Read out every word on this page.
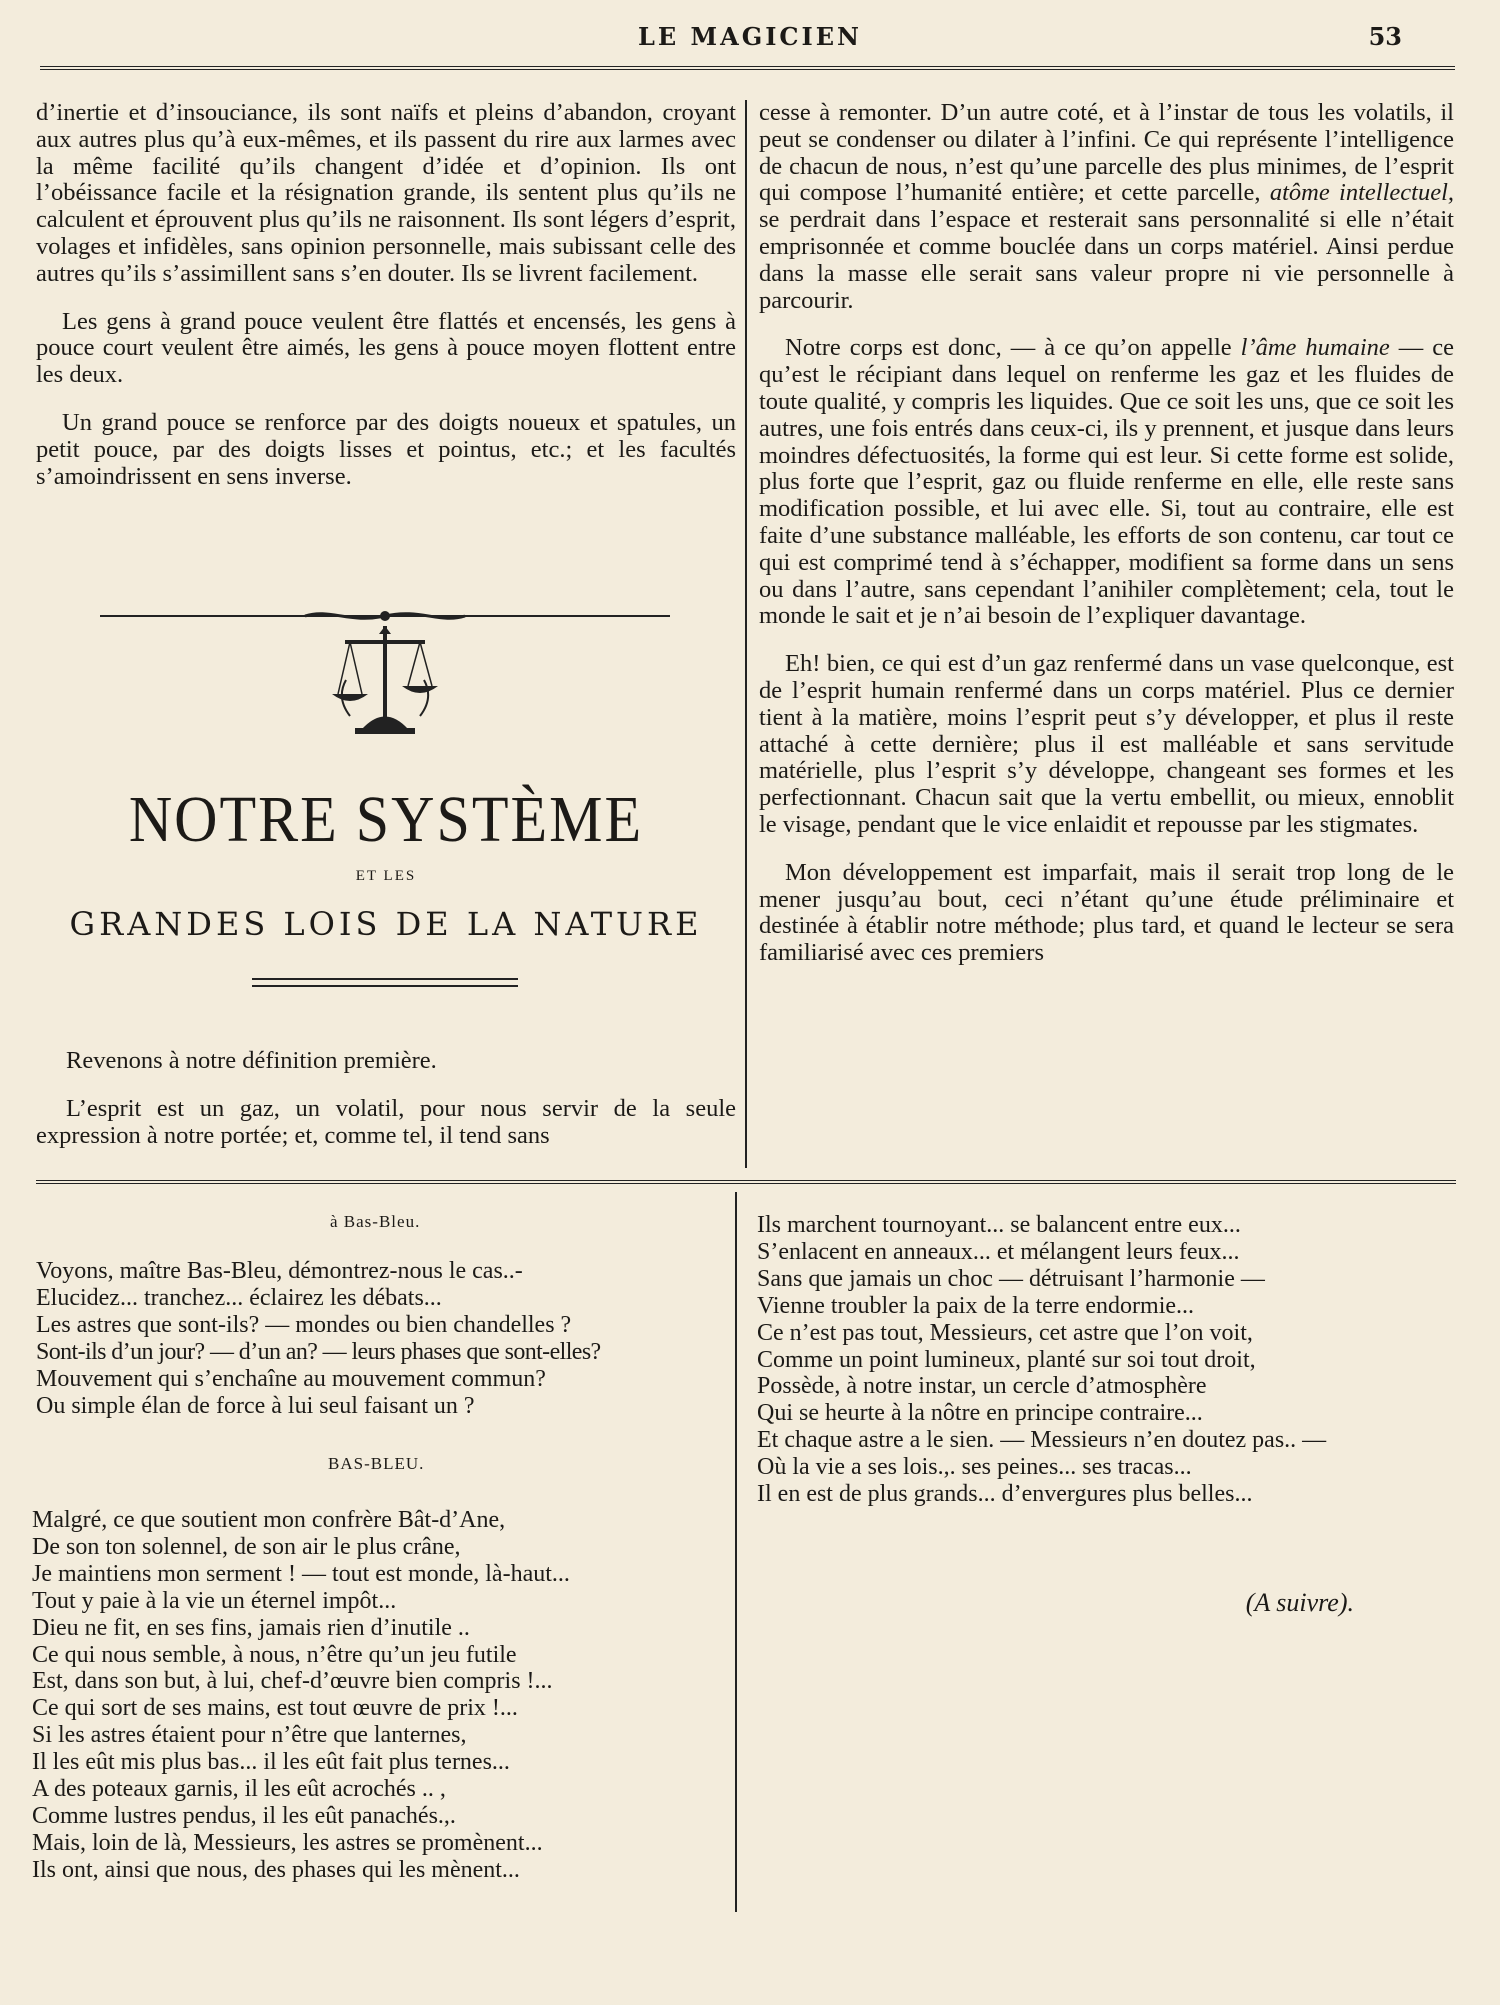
LE MAGICIEN	53

d’inertie et d’insouciance, ils sont naïfs et pleins d’abandon, croyant aux autres plus qu’à eux-mêmes, et ils passent du rire aux larmes avec la même facilité qu’ils changent d’idée et d’opinion. Ils ont l’obéissance facile et la résignation grande, ils sentent plus qu’ils ne calculent et éprouvent plus qu’ils ne raisonnent. Ils sont légers d’esprit, volages et infidèles, sans opinion personnelle, mais subissant celle des autres qu’ils s’assimillent sans s’en douter. Ils se livrent facilement.

Les gens à grand pouce veulent être flattés et encensés, les gens à pouce court veulent être aimés, les gens à pouce moyen flottent entre les deux.

Un grand pouce se renforce par des doigts noueux et spatules, un petit pouce, par des doigts lisses et pointus, etc.; et les facultés s’amoindrissent en sens inverse.

NOTRE SYSTÈME
ET LES
GRANDES LOIS DE LA NATURE

Revenons à notre définition première.

L’esprit est un gaz, un volatil, pour nous servir de la seule expression à notre portée; et, comme tel, il tend sans

cesse à remonter. D’un autre coté, et à l’instar de tous les volatils, il peut se condenser ou dilater à l’infini. Ce qui représente l’intelligence de chacun de nous, n’est qu’une parcelle des plus minimes, de l’esprit qui compose l’humanité entière; et cette parcelle, atôme intellectuel, se perdrait dans l’espace et resterait sans personnalité si elle n’était emprisonnée et comme bouclée dans un corps matériel. Ainsi perdue dans la masse elle serait sans valeur propre ni vie personnelle à parcourir.

Notre corps est donc, — à ce qu’on appelle l’âme humaine — ce qu’est le récipiant dans lequel on renferme les gaz et les fluides de toute qualité, y compris les liquides. Que ce soit les uns, que ce soit les autres, une fois entrés dans ceux-ci, ils y prennent, et jusque dans leurs moindres défectuosités, la forme qui est leur. Si cette forme est solide, plus forte que l’esprit, gaz ou fluide renferme en elle, elle reste sans modification possible, et lui avec elle. Si, tout au contraire, elle est faite d’une substance malléable, les efforts de son contenu, car tout ce qui est comprimé tend à s’échapper, modifient sa forme dans un sens ou dans l’autre, sans cependant l’anihiler complètement; cela, tout le monde le sait et je n’ai besoin de l’expliquer davantage.

Eh! bien, ce qui est d’un gaz renfermé dans un vase quelconque, est de l’esprit humain renfermé dans un corps matériel. Plus ce dernier tient à la matière, moins l’esprit peut s’y développer, et plus il reste attaché à cette dernière; plus il est malléable et sans servitude matérielle, plus l’esprit s’y développe, changeant ses formes et les perfectionnant. Chacun sait que la vertu embellit, ou mieux, ennoblit le visage, pendant que le vice enlaidit et repousse par les stigmates.

Mon développement est imparfait, mais il serait trop long de le mener jusqu’au bout, ceci n’étant qu’une étude préliminaire et destinée à établir notre méthode; plus tard, et quand le lecteur se sera familiarisé avec ces premiers

à Bas-Bleu.
Voyons, maître Bas-Bleu, démontrez-nous le cas..-
Elucidez... tranchez... éclairez les débats...
Les astres que sont-ils? — mondes ou bien chandelles ?
Sont-ils d’un jour? — d’un an? — leurs phases que sont-elles?
Mouvement qui s’enchaîne au mouvement commun?
Ou simple élan de force à lui seul faisant un ?
BAS-BLEU.
Malgré, ce que soutient mon confrère Bât-d’Ane,
De son ton solennel, de son air le plus crâne,
Je maintiens mon serment ! — tout est monde, là-haut...
Tout y paie à la vie un éternel impôt...
Dieu ne fit, en ses fins, jamais rien d’inutile ..
Ce qui nous semble, à nous, n’être qu’un jeu futile
Est, dans son but, à lui, chef-d’œuvre bien compris !...
Ce qui sort de ses mains, est tout œuvre de prix !...
Si les astres étaient pour n’être que lanternes,
Il les eût mis plus bas... il les eût fait plus ternes...
A des poteaux garnis, il les eût acrochés .. ,
Comme lustres pendus, il les eût panachés.,.
Mais, loin de là, Messieurs, les astres se promènent...
Ils ont, ainsi que nous, des phases qui les mènent...
Ils marchent tournoyant... se balancent entre eux...
S’enlacent en anneaux... et mélangent leurs feux...
Sans que jamais un choc — détruisant l’harmonie —
Vienne troubler la paix de la terre endormie...
Ce n’est pas tout, Messieurs, cet astre que l’on voit,
Comme un point lumineux, planté sur soi tout droit,
Possède, à notre instar, un cercle d’atmosphère
Qui se heurte à la nôtre en principe contraire...
Et chaque astre a le sien. — Messieurs n’en doutez pas.. —
Où la vie a ses lois.,. ses peines... ses tracas...
Il en est de plus grands... d’envergures plus belles...
(A suivre).
